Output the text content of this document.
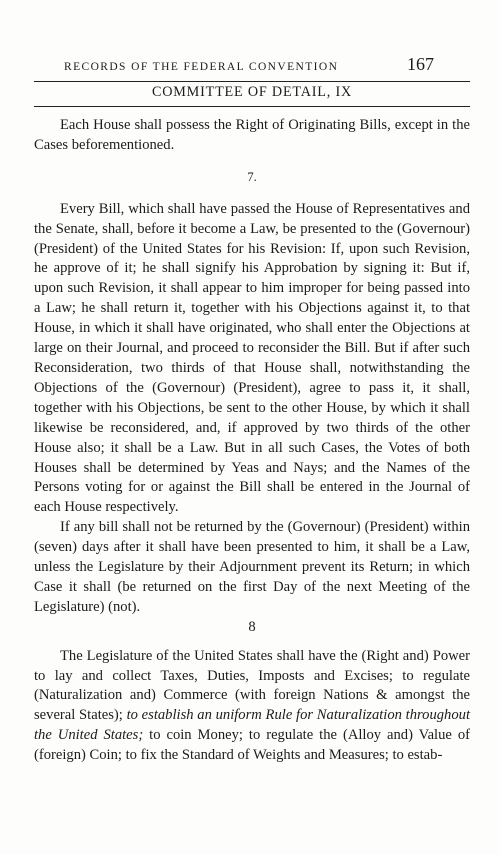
RECORDS OF THE FEDERAL CONVENTION	167
COMMITTEE OF DETAIL, IX

Each House shall possess the Right of Originating Bills, except in the Cases beforementioned.

7.

Every Bill, which shall have passed the House of Representatives and the Senate, shall, before it become a Law, be presented to the (Governour) (President) of the United States for his Revision: If, upon such Revision, he approve of it; he shall signify his Approbation by signing it: But if, upon such Revision, it shall appear to him improper for being passed into a Law; he shall return it, together with his Objections against it, to that House, in which it shall have originated, who shall enter the Objections at large on their Journal, and proceed to reconsider the Bill. But if after such Reconsideration, two thirds of that House shall, notwithstanding the Objections of the (Governour) (President), agree to pass it, it shall, together with his Objections, be sent to the other House, by which it shall likewise be reconsidered, and, if approved by two thirds of the other House also; it shall be a Law. But in all such Cases, the Votes of both Houses shall be determined by Yeas and Nays; and the Names of the Persons voting for or against the Bill shall be entered in the Journal of each House respectively.

If any bill shall not be returned by the (Governour) (President) within (seven) days after it shall have been presented to him, it shall be a Law, unless the Legislature by their Adjournment prevent its Return; in which Case it shall (be returned on the first Day of the next Meeting of the Legislature) (not).

8

The Legislature of the United States shall have the (Right and) Power to lay and collect Taxes, Duties, Imposts and Excises; to regulate (Naturalization and) Commerce (with foreign Nations & amongst the several States); to establish an uniform Rule for Naturalization throughout the United States; to coin Money; to regulate the (Alloy and) Value of (foreign) Coin; to fix the Standard of Weights and Measures; to estab-
